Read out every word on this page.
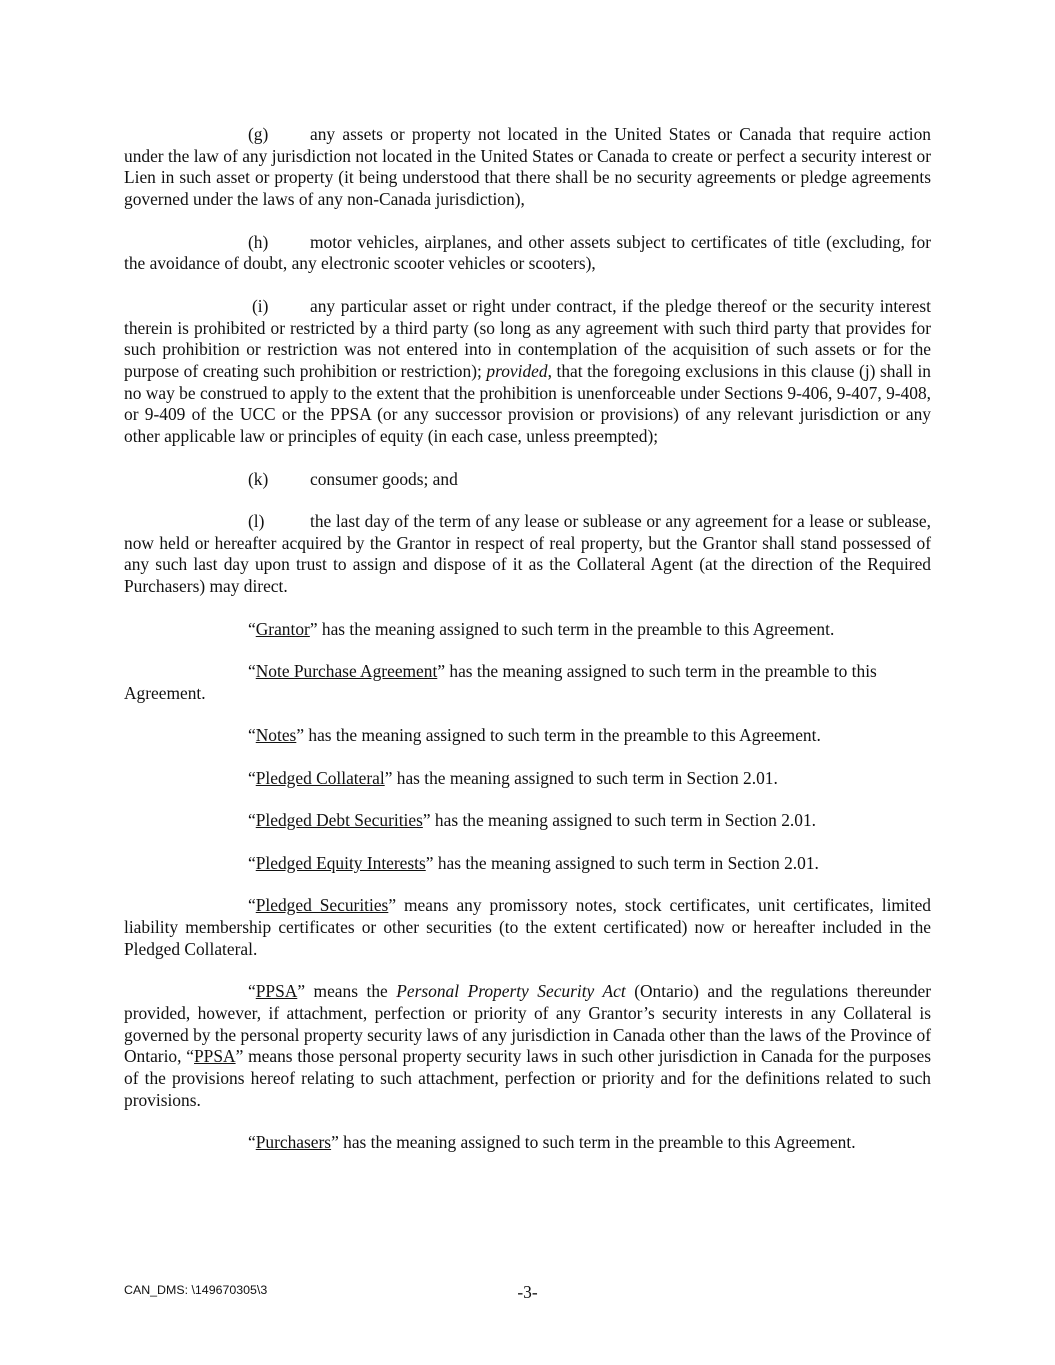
(g) any assets or property not located in the United States or Canada that require action under the law of any jurisdiction not located in the United States or Canada to create or perfect a security interest or Lien in such asset or property (it being understood that there shall be no security agreements or pledge agreements governed under the laws of any non-Canada jurisdiction),

(h) motor vehicles, airplanes, and other assets subject to certificates of title (excluding, for the avoidance of doubt, any electronic scooter vehicles or scooters),

(i) any particular asset or right under contract, if the pledge thereof or the security interest therein is prohibited or restricted by a third party (so long as any agreement with such third party that provides for such prohibition or restriction was not entered into in contemplation of the acquisition of such assets or for the purpose of creating such prohibition or restriction); provided, that the foregoing exclusions in this clause (j) shall in no way be construed to apply to the extent that the prohibition is unenforceable under Sections 9-406, 9-407, 9-408, or 9-409 of the UCC or the PPSA (or any successor provision or provisions) of any relevant jurisdiction or any other applicable law or principles of equity (in each case, unless preempted);

(k) consumer goods; and

(l)	the last day of the term of any lease or sublease or any agreement for a lease or sublease, now held or hereafter acquired by the Grantor in respect of real property, but the Grantor shall stand possessed of any such last day upon trust to assign and dispose of it as the Collateral Agent (at the direction of the Required Purchasers) may direct.

“Grantor” has the meaning assigned to such term in the preamble to this Agreement.

“Note Purchase Agreement” has the meaning assigned to such term in the preamble to this Agreement.

“Notes” has the meaning assigned to such term in the preamble to this Agreement.

“Pledged Collateral” has the meaning assigned to such term in Section 2.01.

“Pledged Debt Securities” has the meaning assigned to such term in Section 2.01.

“Pledged Equity Interests” has the meaning assigned to such term in Section 2.01.

“Pledged Securities” means any promissory notes, stock certificates, unit certificates, limited liability membership certificates or other securities (to the extent certificated) now or hereafter included in the Pledged Collateral.

“PPSA” means the Personal Property Security Act (Ontario) and the regulations thereunder provided, however, if attachment, perfection or priority of any Grantor’s security interests in any Collateral is governed by the personal property security laws of any jurisdiction in Canada other than the laws of the Province of Ontario, “PPSA” means those personal property security laws in such other jurisdiction in Canada for the purposes of the provisions hereof relating to such attachment, perfection or priority and for the definitions related to such provisions.

“Purchasers” has the meaning assigned to such term in the preamble to this Agreement.

CAN_DMS: \149670305\3	-3-
